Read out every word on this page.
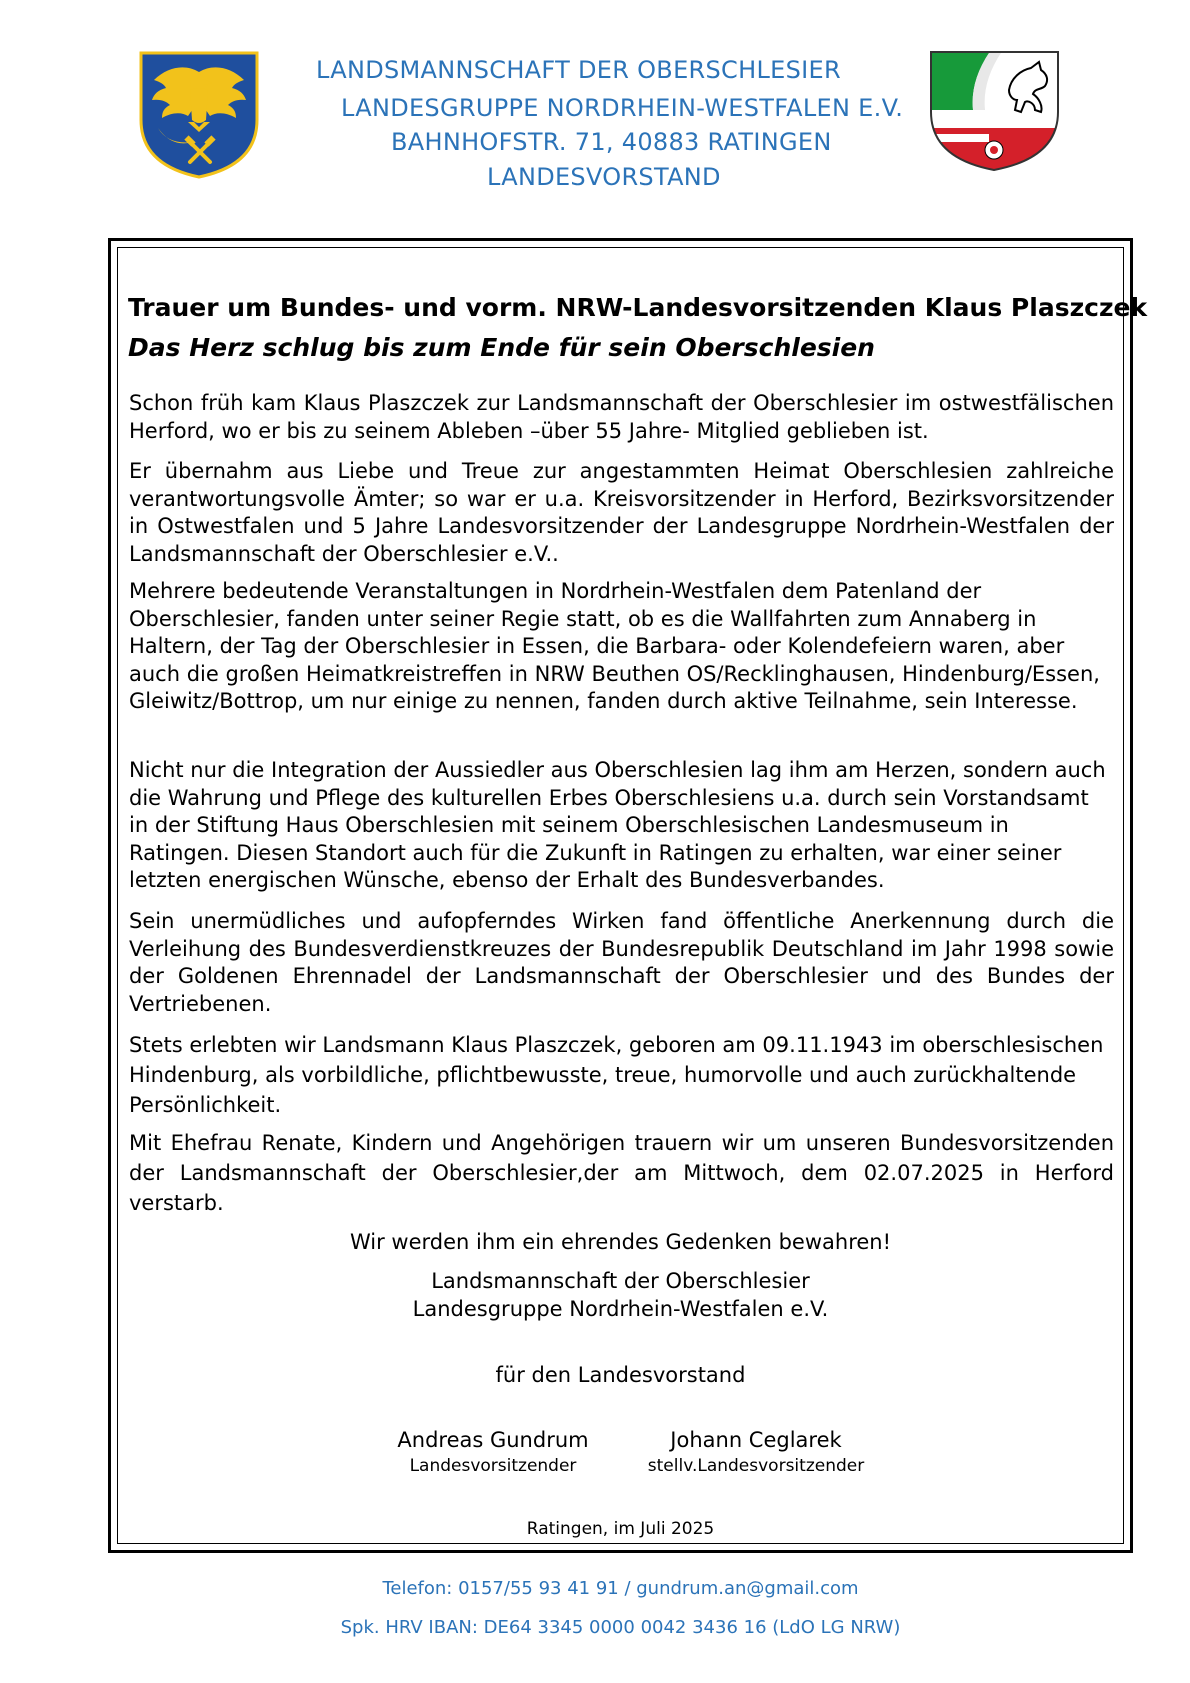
LANDSMANNSCHAFT DER OBERSCHLESIER
LANDESGRUPPE NORDRHEIN-WESTFALEN E.V.
BAHNHOFSTR. 71, 40883 RATINGEN
LANDESVORSTAND
Trauer um Bundes- und vorm. NRW-Landesvorsitzenden Klaus Plaszczek
Das Herz schlug bis zum Ende für sein Oberschlesien

Schon früh kam Klaus Plaszczek zur Landsmannschaft der Oberschlesier im ostwestfälischen Herford, wo er bis zu seinem Ableben –über 55 Jahre- Mitglied geblieben ist.

Er übernahm aus Liebe und Treue zur angestammten Heimat Oberschlesien zahlreiche verantwortungsvolle Ämter; so war er u.a. Kreisvorsitzender in Herford, Bezirksvorsitzender in Ostwestfalen und 5 Jahre Landesvorsitzender der Landesgruppe Nordrhein-Westfalen der Landsmannschaft der Oberschlesier e.V..

Mehrere bedeutende Veranstaltungen in Nordrhein-Westfalen dem Patenland der Oberschlesier, fanden unter seiner Regie statt, ob es die Wallfahrten zum Annaberg in Haltern, der Tag der Oberschlesier in Essen, die Barbara- oder Kolendefeiern waren, aber auch die großen Heimatkreistreffen in NRW Beuthen OS/Recklinghausen, Hindenburg/Essen, Gleiwitz/Bottrop, um nur einige zu nennen, fanden durch aktive Teilnahme, sein Interesse.

Nicht nur die Integration der Aussiedler aus Oberschlesien lag ihm am Herzen, sondern auch die Wahrung und Pflege des kulturellen Erbes Oberschlesiens u.a. durch sein Vorstandsamt in der Stiftung Haus Oberschlesien mit seinem Oberschlesischen Landesmuseum in Ratingen. Diesen Standort auch für die Zukunft in Ratingen zu erhalten, war einer seiner letzten energischen Wünsche, ebenso der Erhalt des Bundesverbandes.

Sein unermüdliches und aufopferndes Wirken fand öffentliche Anerkennung durch die Verleihung des Bundesverdienstkreuzes der Bundesrepublik Deutschland im Jahr 1998 sowie der Goldenen Ehrennadel der Landsmannschaft der Oberschlesier und des Bundes der Vertriebenen.

Stets erlebten wir Landsmann Klaus Plaszczek, geboren am 09.11.1943 im oberschlesischen Hindenburg, als vorbildliche, pflichtbewusste, treue, humorvolle und auch zurückhaltende Persönlichkeit.

Mit Ehefrau Renate, Kindern und Angehörigen trauern wir um unseren Bundesvorsitzenden der Landsmannschaft der Oberschlesier,der am Mittwoch, dem 02.07.2025 in Herford verstarb.

Wir werden ihm ein ehrendes Gedenken bewahren!
Landsmannschaft der Oberschlesier
Landesgruppe Nordrhein-Westfalen e.V.
für den Landesvorstand
Andreas Gundrum
Landesvorsitzender
Johann Ceglarek
stellv.Landesvorsitzender
Ratingen, im Juli 2025
Telefon: 0157/55 93 41 91 / gundrum.an@gmail.com
Spk. HRV IBAN: DE64 3345 0000 0042 3436 16 (LdO LG NRW)
